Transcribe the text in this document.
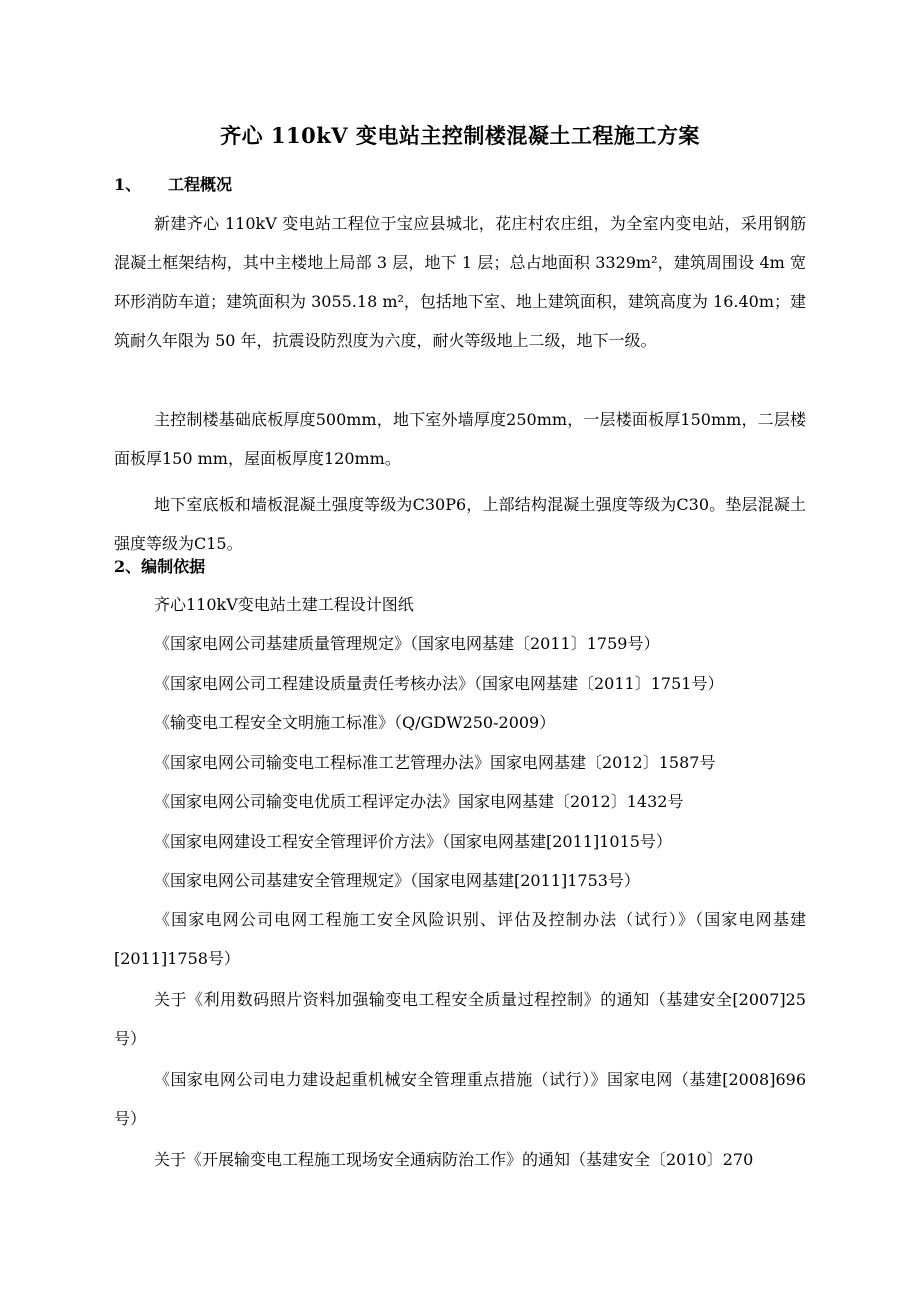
齐心 110kV 变电站主控制楼混凝土工程施工方案
1、 工程概况

新建齐心 110kV 变电站工程位于宝应县城北，花庄村农庄组，为全室内变电站，采用钢筋混凝土框架结构，其中主楼地上局部 3 层，地下 1 层；总占地面积 3329m²，建筑周围设 4m 宽环形消防车道；建筑面积为 3055.18 m²，包括地下室、地上建筑面积，建筑高度为 16.40m；建筑耐久年限为 50 年，抗震设防烈度为六度，耐火等级地上二级，地下一级。

主控制楼基础底板厚度500mm，地下室外墙厚度250mm，一层楼面板厚150mm，二层楼面板厚150 mm，屋面板厚度120mm。

地下室底板和墙板混凝土强度等级为C30P6，上部结构混凝土强度等级为C30。垫层混凝土强度等级为C15。

2、编制依据
齐心110kV变电站土建工程设计图纸
《国家电网公司基建质量管理规定》（国家电网基建〔2011〕1759号）
《国家电网公司工程建设质量责任考核办法》（国家电网基建〔2011〕1751号）
《输变电工程安全文明施工标准》（Q/GDW250-2009）
《国家电网公司输变电工程标准工艺管理办法》国家电网基建〔2012〕1587号
《国家电网公司输变电优质工程评定办法》国家电网基建〔2012〕1432号
《国家电网建设工程安全管理评价方法》（国家电网基建[2011]1015号）
《国家电网公司基建安全管理规定》（国家电网基建[2011]1753号）

《国家电网公司电网工程施工安全风险识别、评估及控制办法（试行）》（国家电网基建[2011]1758号）

关于《利用数码照片资料加强输变电工程安全质量过程控制》的通知（基建安全[2007]25号）

《国家电网公司电力建设起重机械安全管理重点措施（试行）》国家电网（基建[2008]696号）

关于《开展输变电工程施工现场安全通病防治工作》的通知（基建安全〔2010〕270
